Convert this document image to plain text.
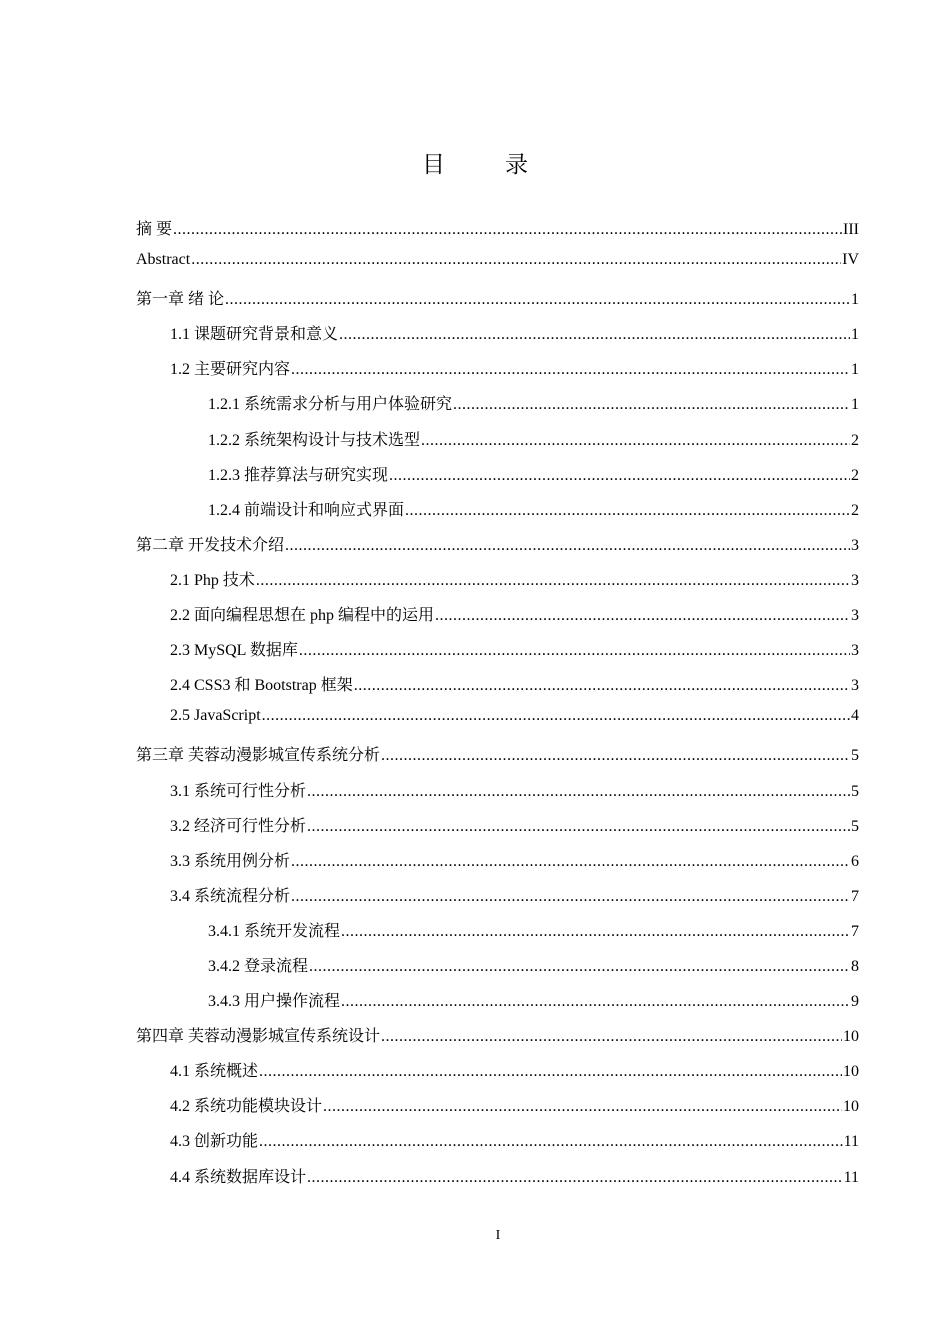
目	录
摘 要 .....	III
Abstract .....	IV
第一章 绪 论 .....	1
1.1 课题研究背景和意义 .....	1
1.2 主要研究内容 .....	1
1.2.1 系统需求分析与用户体验研究 .....	1
1.2.2 系统架构设计与技术选型 .....	2
1.2.3 推荐算法与研究实现 .....	2
1.2.4 前端设计和响应式界面 .....	2
第二章 开发技术介绍 .....	3
2.1 Php 技术 .....	3
2.2 面向编程思想在 php 编程中的运用 .....	3
2.3 MySQL 数据库 .....	3
2.4 CSS3 和 Bootstrap 框架 .....	3
2.5 JavaScript .....	4
第三章 芙蓉动漫影城宣传系统分析 .....	5
3.1 系统可行性分析 .....	5
3.2 经济可行性分析 .....	5
3.3 系统用例分析 .....	6
3.4 系统流程分析 .....	7
3.4.1 系统开发流程 .....	7
3.4.2 登录流程 .....	8
3.4.3 用户操作流程 .....	9
第四章 芙蓉动漫影城宣传系统设计 .....	10
4.1 系统概述 .....	10
4.2 系统功能模块设计 .....	10
4.3 创新功能 .....	11
4.4 系统数据库设计 .....	11
I
